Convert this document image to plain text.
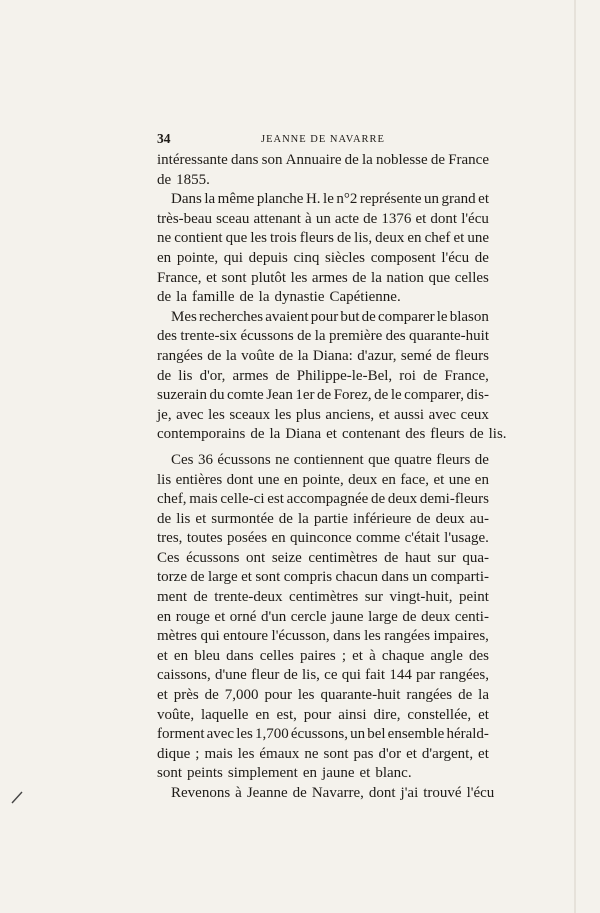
34	JEANNE DE NAVARRE
intéressante dans son Annuaire de la noblesse de France
de 1855.
Dans la même planche H. le n°2 représente un grand et
très-beau sceau attenant à un acte de 1376 et dont l'écu
ne contient que les trois fleurs de lis, deux en chef et une
en pointe, qui depuis cinq siècles composent l'écu de
France, et sont plutôt les armes de la nation que celles
de la famille de la dynastie Capétienne.
Mes recherches avaient pour but de comparer le blason
des trente-six écussons de la première des quarante-huit
rangées de la voûte de la Diana: d'azur, semé de fleurs
de lis d'or, armes de Philippe-le-Bel, roi de France,
suzerain du comte Jean 1er de Forez, de le comparer, dis-
je, avec les sceaux les plus anciens, et aussi avec ceux
contemporains de la Diana et contenant des fleurs de lis.
Ces 36 écussons ne contiennent que quatre fleurs de
lis entières dont une en pointe, deux en face, et une en
chef, mais celle-ci est accompagnée de deux demi-fleurs
de lis et surmontée de la partie inférieure de deux au-
tres, toutes posées en quinconce comme c'était l'usage.
Ces écussons ont seize centimètres de haut sur qua-
torze de large et sont compris chacun dans un comparti-
ment de trente-deux centimètres sur vingt-huit, peint
en rouge et orné d'un cercle jaune large de deux centi-
mètres qui entoure l'écusson, dans les rangées impaires,
et en bleu dans celles paires ; et à chaque angle des
caissons, d'une fleur de lis, ce qui fait 144 par rangées,
et près de 7,000 pour les quarante-huit rangées de la
voûte, laquelle en est, pour ainsi dire, constellée, et
forment avec les 1,700 écussons, un bel ensemble hérald-
dique ; mais les émaux ne sont pas d'or et d'argent, et
sont peints simplement en jaune et blanc.
Revenons à Jeanne de Navarre, dont j'ai trouvé l'écu
